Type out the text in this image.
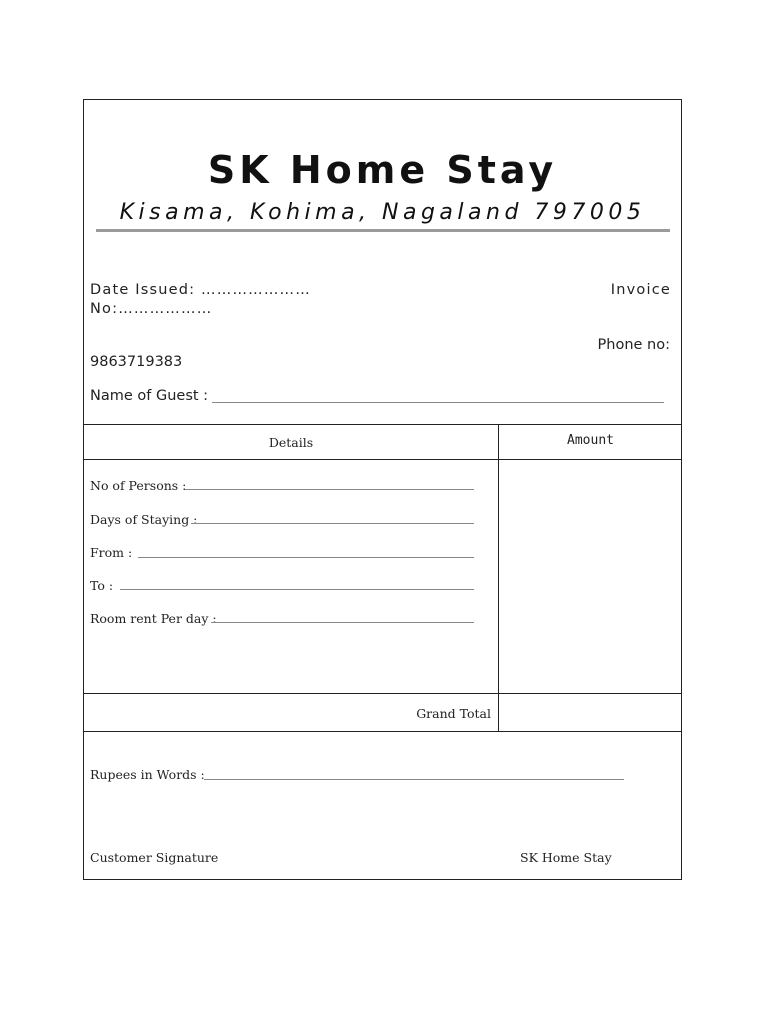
SK Home Stay
Kisama, Kohima, Nagaland 797005
Date Issued: …………………	Invoice
No:………………
Phone no:
9863719383
Name of Guest :
Details	Amount
No of Persons :
Days of Staying :
From :
To :
Room rent Per day :
Grand Total
Rupees in Words :
Customer Signature	SK Home Stay
